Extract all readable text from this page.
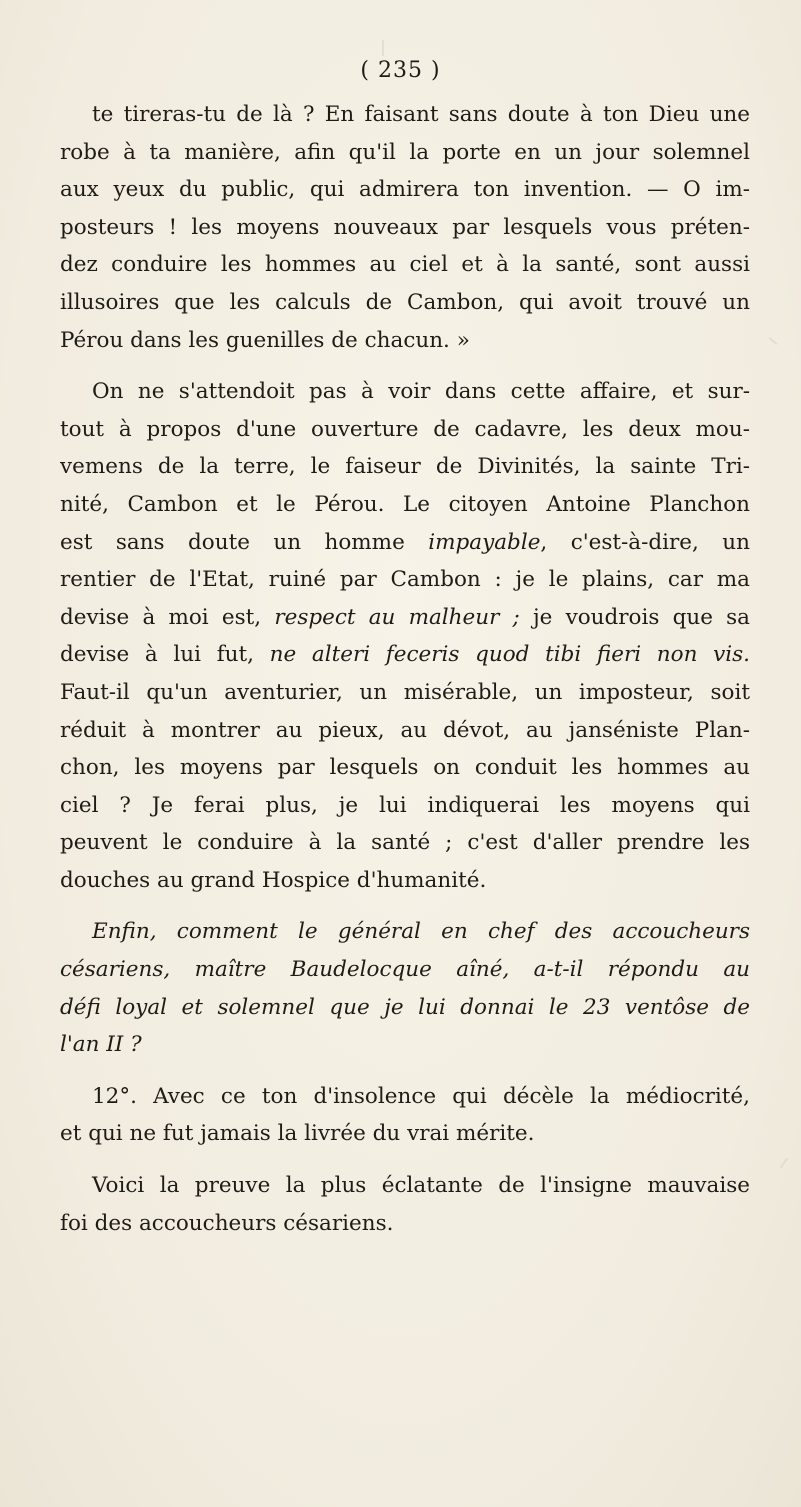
( 235 )
te tireras-tu de là ? En faisant sans doute à ton Dieu une
robe à ta manière, afin qu'il la porte en un jour solemnel
aux yeux du public, qui admirera ton invention. — O im-
posteurs ! les moyens nouveaux par lesquels vous préten-
dez conduire les hommes au ciel et à la santé, sont aussi
illusoires que les calculs de Cambon, qui avoit trouvé un
Pérou dans les guenilles de chacun. »
On ne s'attendoit pas à voir dans cette affaire, et sur-
tout à propos d'une ouverture de cadavre, les deux mou-
vemens de la terre, le faiseur de Divinités, la sainte Tri-
nité, Cambon et le Pérou. Le citoyen Antoine Planchon
est sans doute un homme impayable, c'est-à-dire, un
rentier de l'Etat, ruiné par Cambon : je le plains, car ma
devise à moi est, respect au malheur ; je voudrois que sa
devise à lui fut, ne alteri feceris quod tibi fieri non vis.
Faut-il qu'un aventurier, un misérable, un imposteur, soit
réduit à montrer au pieux, au dévot, au janséniste Plan-
chon, les moyens par lesquels on conduit les hommes au
ciel ? Je ferai plus, je lui indiquerai les moyens qui
peuvent le conduire à la santé ; c'est d'aller prendre les
douches au grand Hospice d'humanité.
Enfin, comment le général en chef des accoucheurs
césariens, maître Baudelocque aîné, a-t-il répondu au
défi loyal et solemnel que je lui donnai le 23 ventôse de
l'an II ?
12°. Avec ce ton d'insolence qui décèle la médiocrité,
et qui ne fut jamais la livrée du vrai mérite.
Voici la preuve la plus éclatante de l'insigne mauvaise
foi des accoucheurs césariens.
